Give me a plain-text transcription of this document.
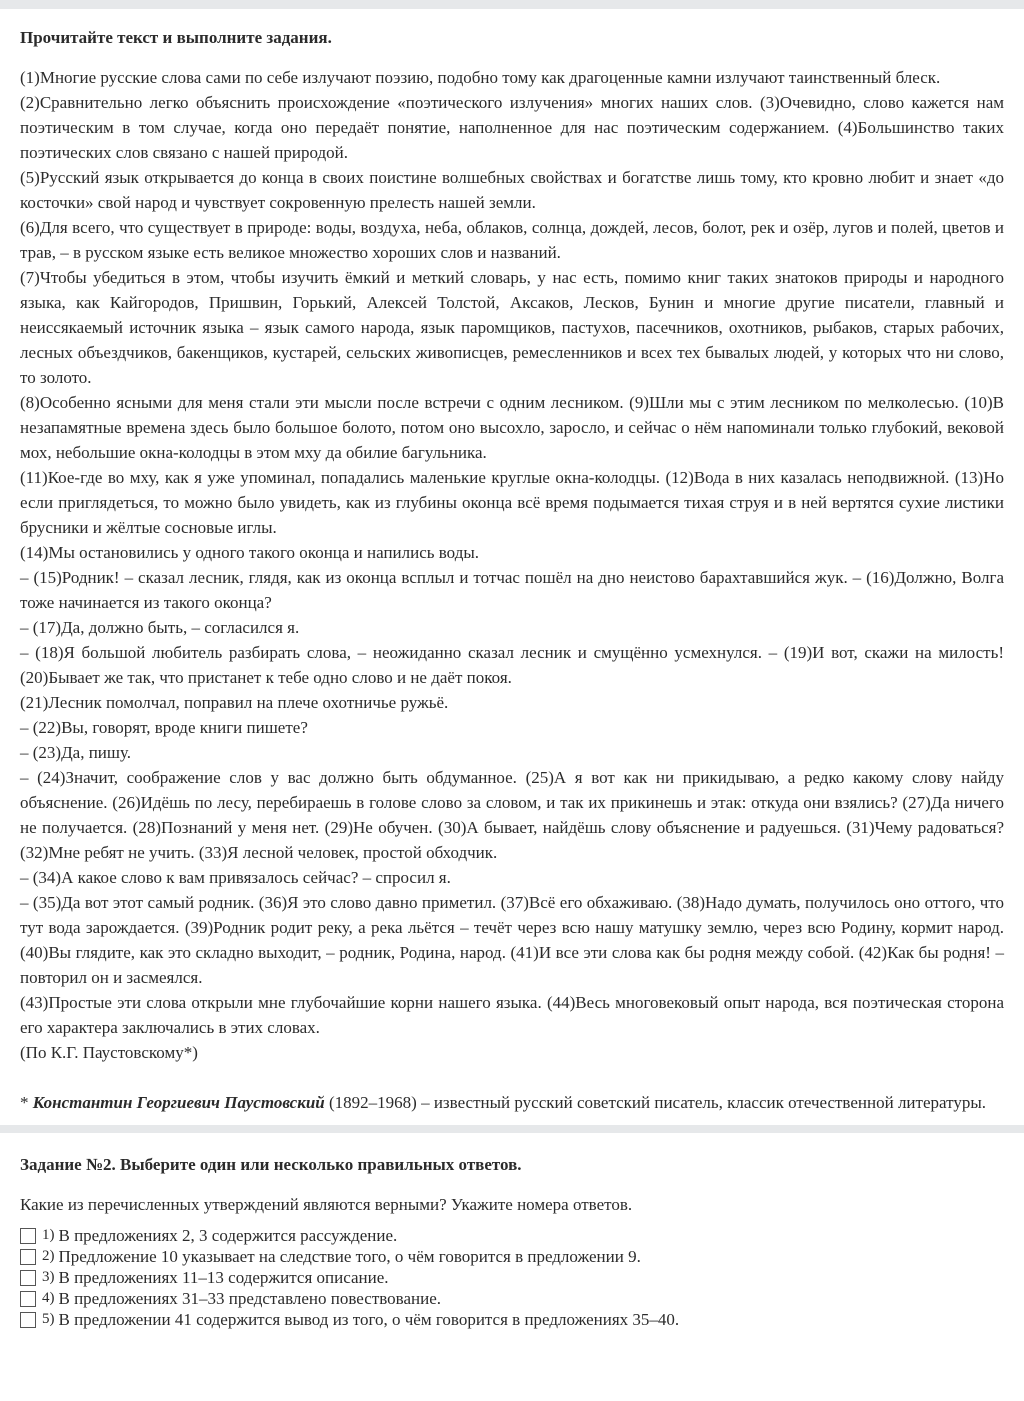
Прочитайте текст и выполните задания.

(1)Многие русские слова сами по себе излучают поэзию, подобно тому как драгоценные камни излучают таинственный блеск.

(2)Сравнительно легко объяснить происхождение «поэтического излучения» многих наших слов. (3)Очевидно, слово кажется нам поэтическим в том случае, когда оно передаёт понятие, наполненное для нас поэтическим содержанием. (4)Большинство таких поэтических слов связано с нашей природой.

(5)Русский язык открывается до конца в своих поистине волшебных свойствах и богатстве лишь тому, кто кровно любит и знает «до косточки» свой народ и чувствует сокровенную прелесть нашей земли.

(6)Для всего, что существует в природе: воды, воздуха, неба, облаков, солнца, дождей, лесов, болот, рек и озёр, лугов и полей, цветов и трав, – в русском языке есть великое множество хороших слов и названий.

(7)Чтобы убедиться в этом, чтобы изучить ёмкий и меткий словарь, у нас есть, помимо книг таких знатоков природы и народного языка, как Кайгородов, Пришвин, Горький, Алексей Толстой, Аксаков, Лесков, Бунин и многие другие писатели, главный и неиссякаемый источник языка – язык самого народа, язык паромщиков, пастухов, пасечников, охотников, рыбаков, старых рабочих, лесных объездчиков, бакенщиков, кустарей, сельских живописцев, ремесленников и всех тех бывалых людей, у которых что ни слово, то золото.

(8)Особенно ясными для меня стали эти мысли после встречи с одним лесником. (9)Шли мы с этим лесником по мелколесью. (10)В незапамятные времена здесь было большое болото, потом оно высохло, заросло, и сейчас о нём напоминали только глубокий, вековой мох, небольшие окна-колодцы в этом мху да обилие багульника.

(11)Кое-где во мху, как я уже упоминал, попадались маленькие круглые окна-колодцы. (12)Вода в них казалась неподвижной. (13)Но если приглядеться, то можно было увидеть, как из глубины оконца всё время подымается тихая струя и в ней вертятся сухие листики брусники и жёлтые сосновые иглы.

(14)Мы остановились у одного такого оконца и напились воды.

– (15)Родник! – сказал лесник, глядя, как из оконца всплыл и тотчас пошёл на дно неистово барахтавшийся жук. – (16)Должно, Волга тоже начинается из такого оконца?

– (17)Да, должно быть, – согласился я.

– (18)Я большой любитель разбирать слова, – неожиданно сказал лесник и смущённо усмехнулся. – (19)И вот, скажи на милость! (20)Бывает же так, что пристанет к тебе одно слово и не даёт покоя.

(21)Лесник помолчал, поправил на плече охотничье ружьё.

– (22)Вы, говорят, вроде книги пишете?

– (23)Да, пишу.

– (24)Значит, соображение слов у вас должно быть обдуманное. (25)А я вот как ни прикидываю, а редко какому слову найду объяснение. (26)Идёшь по лесу, перебираешь в голове слово за словом, и так их прикинешь и этак: откуда они взялись? (27)Да ничего не получается. (28)Познаний у меня нет. (29)Не обучен. (30)А бывает, найдёшь слову объяснение и радуешься. (31)Чему радоваться? (32)Мне ребят не учить. (33)Я лесной человек, простой обходчик.

– (34)А какое слово к вам привязалось сейчас? – спросил я.

– (35)Да вот этот самый родник. (36)Я это слово давно приметил. (37)Всё его обхаживаю. (38)Надо думать, получилось оно оттого, что тут вода зарождается. (39)Родник родит реку, а река льётся – течёт через всю нашу матушку землю, через всю Родину, кормит народ. (40)Вы глядите, как это складно выходит, – родник, Родина, народ. (41)И все эти слова как бы родня между собой. (42)Как бы родня! – повторил он и засмеялся.

(43)Простые эти слова открыли мне глубочайшие корни нашего языка. (44)Весь многовековый опыт народа, вся поэтическая сторона его характера заключались в этих словах.

(По К.Г. Паустовскому*)

* Константин Георгиевич Паустовский (1892–1968) – известный русский советский писатель, классик отечественной литературы.

Задание №2. Выберите один или несколько правильных ответов.
Какие из перечисленных утверждений являются верными? Укажите номера ответов.
1) В предложениях 2, 3 содержится рассуждение.
2) Предложение 10 указывает на следствие того, о чём говорится в предложении 9.
3) В предложениях 11–13 содержится описание.
4) В предложениях 31–33 представлено повествование.
5) В предложении 41 содержится вывод из того, о чём говорится в предложениях 35–40.
